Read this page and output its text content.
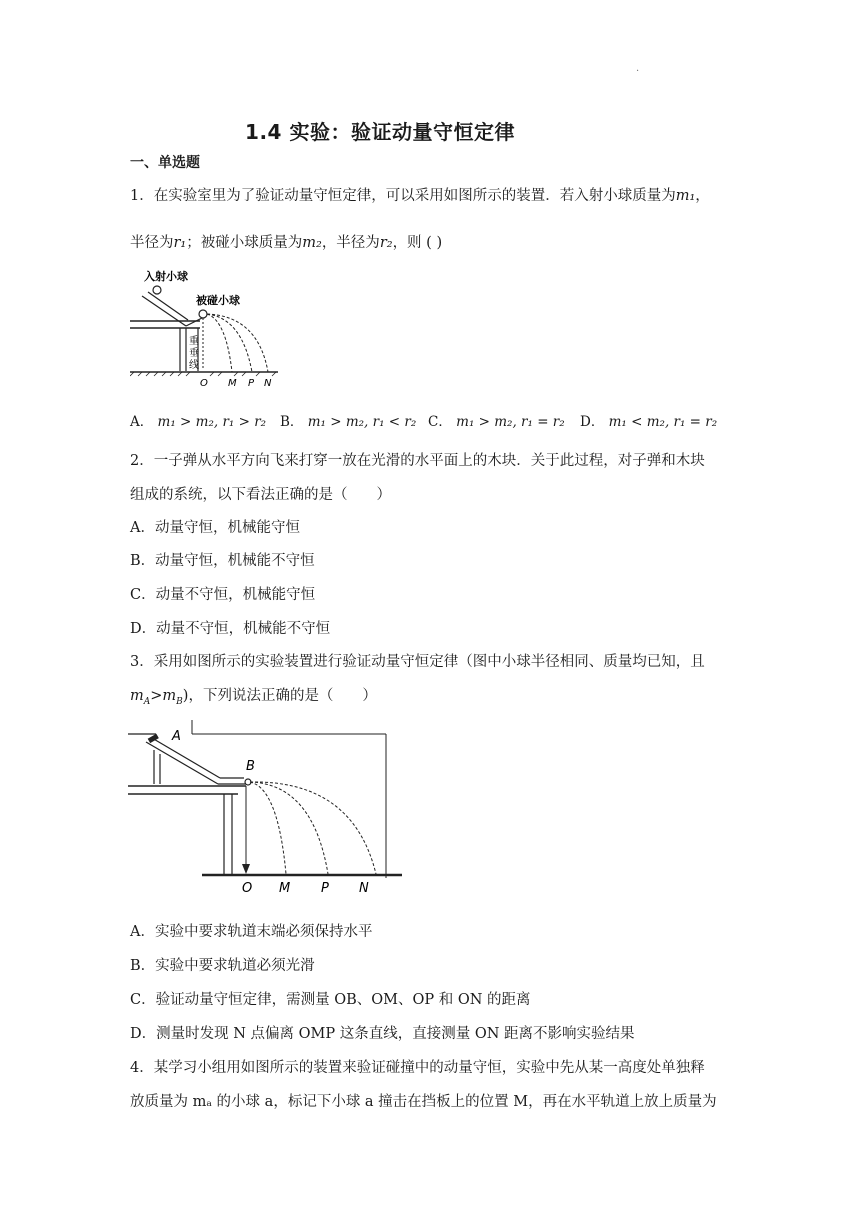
·
1.4 实验：验证动量守恒定律
一、单选题
1．在实验室里为了验证动量守恒定律，可以采用如图所示的装置．若入射小球质量为m₁，
半径为r₁；被碰小球质量为m₂，半径为r₂，则 ( )
入射小球
被碰小球
重
垂
线
O M P N
A． m₁ > m₂, r₁ > r₂	B． m₁ > m₂, r₁ < r₂ C． m₁ > m₂, r₁ = r₂	D． m₁ < m₂, r₁ = r₂
2．一子弹从水平方向飞来打穿一放在光滑的水平面上的木块．关于此过程，对子弹和木块
组成的系统，以下看法正确的是（　　）
A．动量守恒，机械能守恒
B．动量守恒，机械能不守恒
C．动量不守恒，机械能守恒
D．动量不守恒，机械能不守恒
3．采用如图所示的实验装置进行验证动量守恒定律（图中小球半径相同、质量均已知，且
$m_A>m_B$)，下列说法正确的是（　　）
A
B
O M P N
A．实验中要求轨道末端必须保持水平
B．实验中要求轨道必须光滑
C．验证动量守恒定律，需测量 OB、OM、OP 和 ON 的距离
D．测量时发现 N 点偏离 OMP 这条直线，直接测量 ON 距离不影响实验结果
4．某学习小组用如图所示的装置来验证碰撞中的动量守恒，实验中先从某一高度处单独释
放质量为 mₐ 的小球 a，标记下小球 a 撞击在挡板上的位置 M，再在水平轨道上放上质量为
